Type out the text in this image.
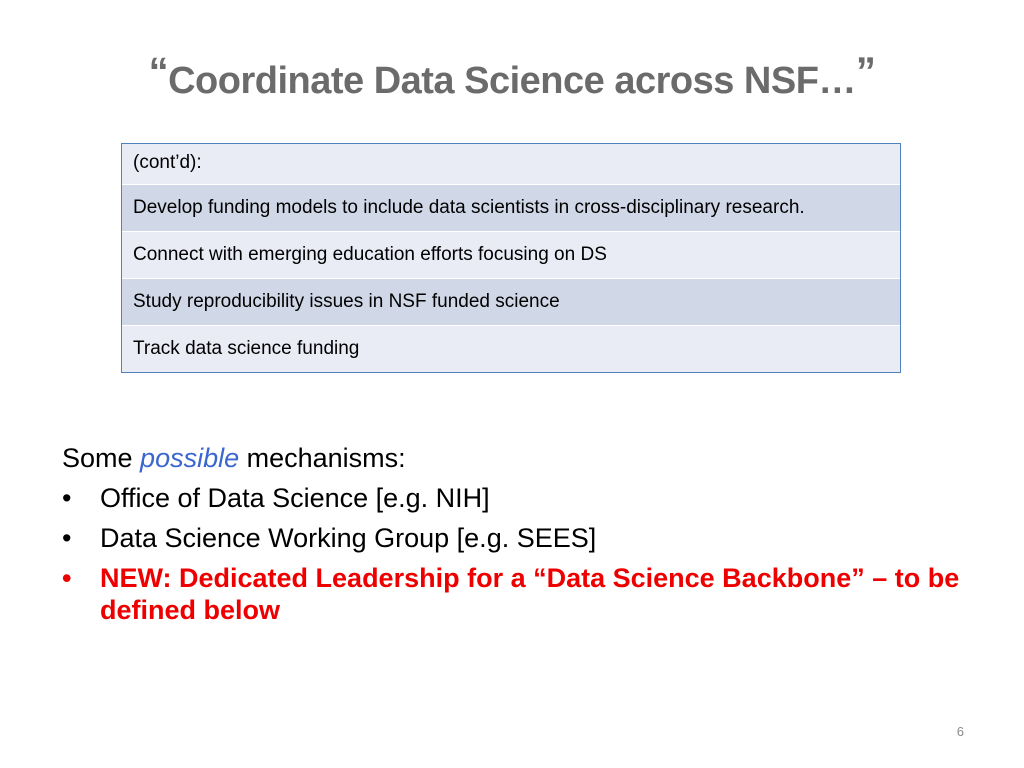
“Coordinate Data Science across NSF…”
(cont’d):
Develop funding models to include data scientists in cross-disciplinary research.
Connect with emerging education efforts focusing on DS
Study reproducibility issues in NSF funded science
Track data science funding
Some possible mechanisms:
• Office of Data Science [e.g. NIH]
• Data Science Working Group [e.g. SEES]
• NEW: Dedicated Leadership for a “Data Science Backbone” – to be defined below
6
